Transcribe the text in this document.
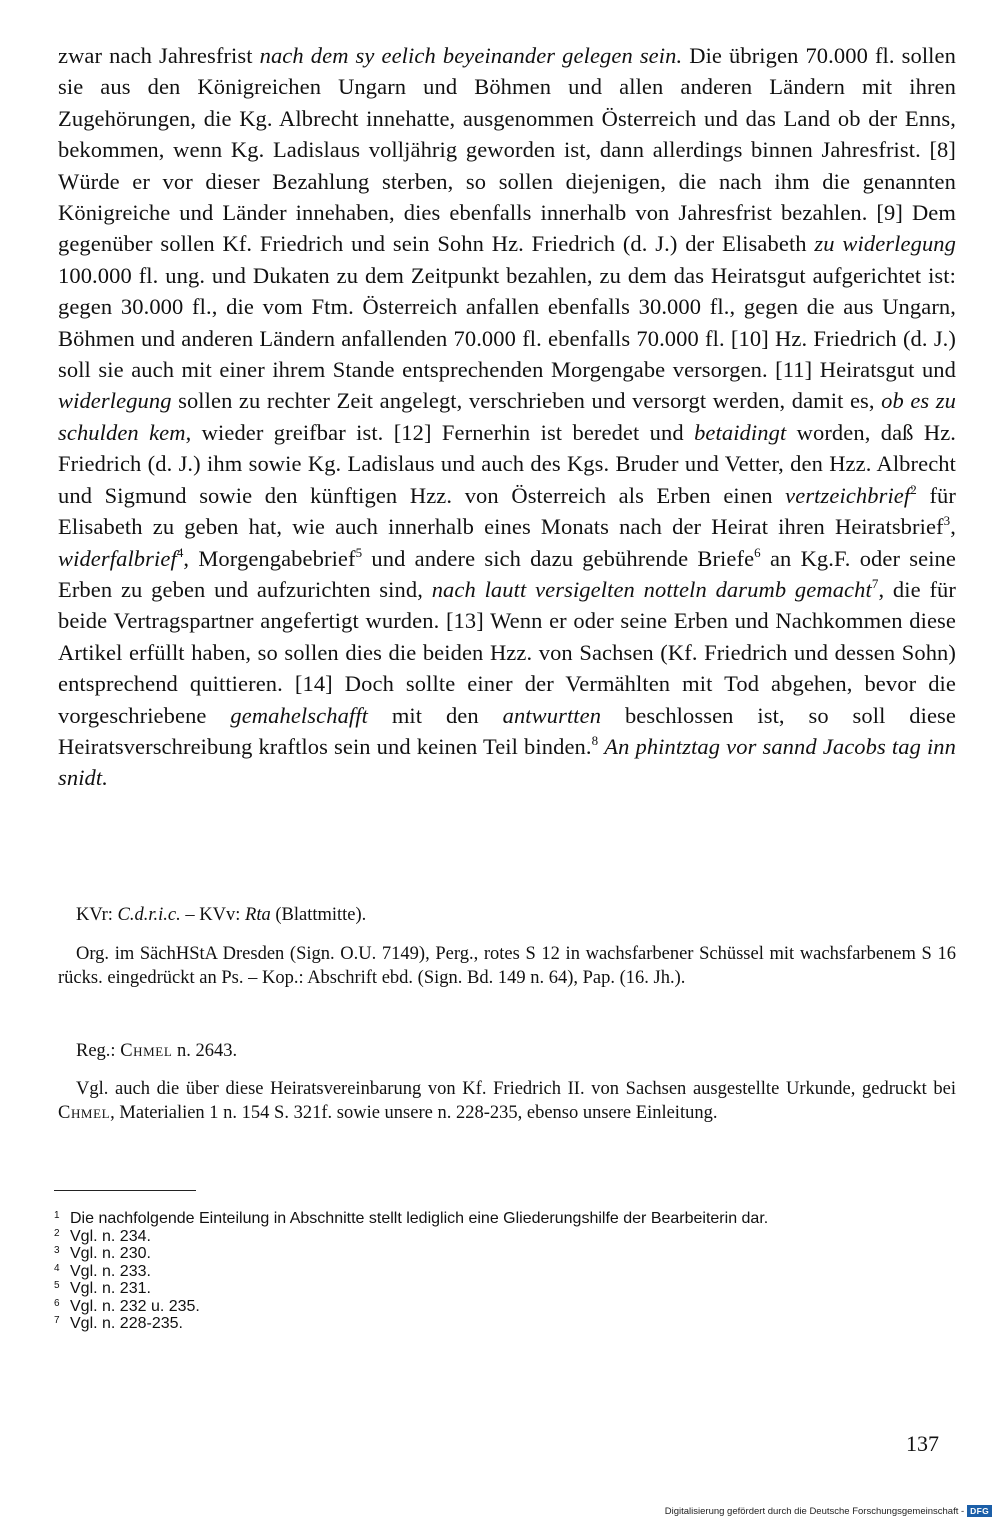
zwar nach Jahresfrist nach dem sy eelich beyeinander gelegen sein. Die übrigen 70.000 fl. sollen sie aus den Königreichen Ungarn und Böhmen und allen anderen Ländern mit ihren Zugehörungen, die Kg. Albrecht innehatte, ausgenommen Österreich und das Land ob der Enns, bekommen, wenn Kg. Ladislaus volljährig geworden ist, dann allerdings binnen Jahresfrist. [8] Würde er vor dieser Bezahlung sterben, so sollen diejenigen, die nach ihm die genannten Königreiche und Länder innehaben, dies ebenfalls innerhalb von Jahresfrist bezahlen. [9] Dem gegenüber sollen Kf. Friedrich und sein Sohn Hz. Friedrich (d. J.) der Elisabeth zu widerlegung 100.000 fl. ung. und Dukaten zu dem Zeitpunkt bezahlen, zu dem das Heiratsgut aufgerichtet ist: gegen 30.000 fl., die vom Ftm. Österreich anfallen ebenfalls 30.000 fl., gegen die aus Ungarn, Böhmen und anderen Ländern anfallenden 70.000 fl. ebenfalls 70.000 fl. [10] Hz. Friedrich (d. J.) soll sie auch mit einer ihrem Stande entsprechenden Morgengabe versorgen. [11] Heiratsgut und widerlegung sollen zu rechter Zeit angelegt, verschrieben und versorgt werden, damit es, ob es zu schulden kem, wieder greifbar ist. [12] Fernerhin ist beredet und betaidingt worden, daß Hz. Friedrich (d. J.) ihm sowie Kg. Ladislaus und auch des Kgs. Bruder und Vetter, den Hzz. Albrecht und Sigmund sowie den künftigen Hzz. von Österreich als Erben einen vertzeichbrief$^2$ für Elisabeth zu geben hat, wie auch innerhalb eines Monats nach der Heirat ihren Heiratsbrief$^3$, widerfalbrief$^4$, Morgengabebrief$^5$ und andere sich dazu gebührende Briefe$^6$ an Kg.F. oder seine Erben zu geben und aufzurichten sind, nach lautt versigelten notteln darumb gemacht$^7$, die für beide Vertragspartner angefertigt wurden. [13] Wenn er oder seine Erben und Nachkommen diese Artikel erfüllt haben, so sollen dies die beiden Hzz. von Sachsen (Kf. Friedrich und dessen Sohn) entsprechend quittieren. [14] Doch sollte einer der Vermählten mit Tod abgehen, bevor die vorgeschriebene gemahelschafft mit den antwurtten beschlossen ist, so soll diese Heiratsverschreibung kraftlos sein und keinen Teil binden.$^8$ An phintztag vor sannd Jacobs tag inn snidt.

KVr: C.d.r.i.c. – KVv: Rta (Blattmitte).

Org. im SächHStA Dresden (Sign. O.U. 7149), Perg., rotes S 12 in wachsfarbener Schüssel mit wachsfarbenem S 16 rücks. eingedrückt an Ps. – Kop.: Abschrift ebd. (Sign. Bd. 149 n. 64), Pap. (16. Jh.).

Reg.: Chmel n. 2643.

Vgl. auch die über diese Heiratsvereinbarung von Kf. Friedrich II. von Sachsen ausgestellte Urkunde, gedruckt bei Chmel, Materialien 1 n. 154 S. 321f. sowie unsere n. 228-235, ebenso unsere Einleitung.

1 Die nachfolgende Einteilung in Abschnitte stellt lediglich eine Gliederungshilfe der Bearbeiterin dar.
2 Vgl. n. 234.
3 Vgl. n. 230.
4 Vgl. n. 233.
5 Vgl. n. 231.
6 Vgl. n. 232 u. 235.
7 Vgl. n. 228-235.
137
Digitalisierung gefördert durch die Deutsche Forschungsgemeinschaft - DFG
